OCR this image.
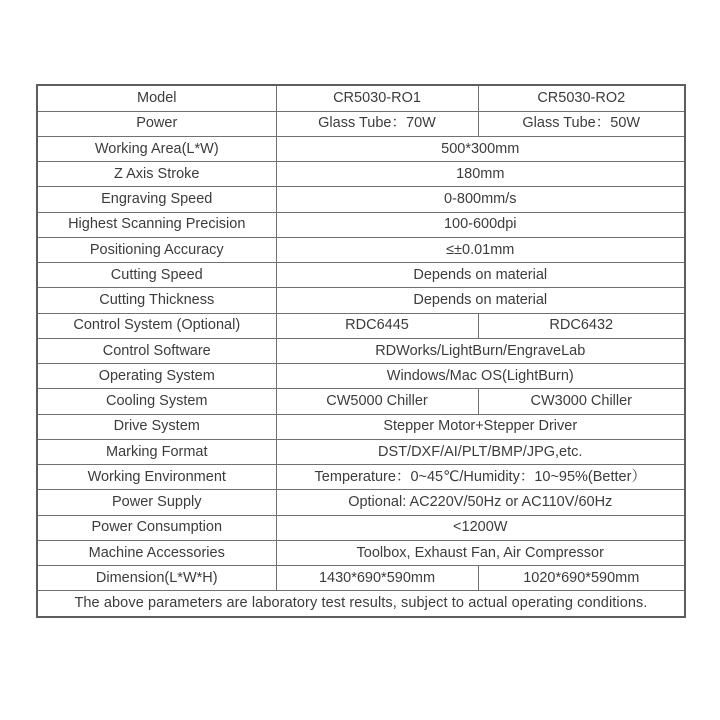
Model	CR5030-RO1	CR5030-RO2
Power	Glass Tube：70W	Glass Tube：50W
Working Area(L*W)	500*300mm	
Z Axis Stroke	180mm	
Engraving Speed	0-800mm/s	
Highest Scanning Precision	100-600dpi	
Positioning Accuracy	≤±0.01mm	
Cutting Speed	Depends on material	
Cutting Thickness	Depends on material	
Control System (Optional)	RDC6445	RDC6432
Control Software	RDWorks/LightBurn/EngraveLab	
Operating System	Windows/Mac OS(LightBurn)	
Cooling System	CW5000 Chiller	CW3000 Chiller
Drive System	Stepper Motor+Stepper Driver	
Marking Format	DST/DXF/AI/PLT/BMP/JPG,etc.	
Working Environment	Temperature：0~45℃/Humidity：10~95%(Better）	
Power Supply	Optional: AC220V/50Hz or AC110V/60Hz	
Power Consumption	<1200W	
Machine Accessories	Toolbox, Exhaust Fan, Air Compressor	
Dimension(L*W*H)	1430*690*590mm	1020*690*590mm
The above parameters are laboratory test results, subject to actual operating conditions.		
